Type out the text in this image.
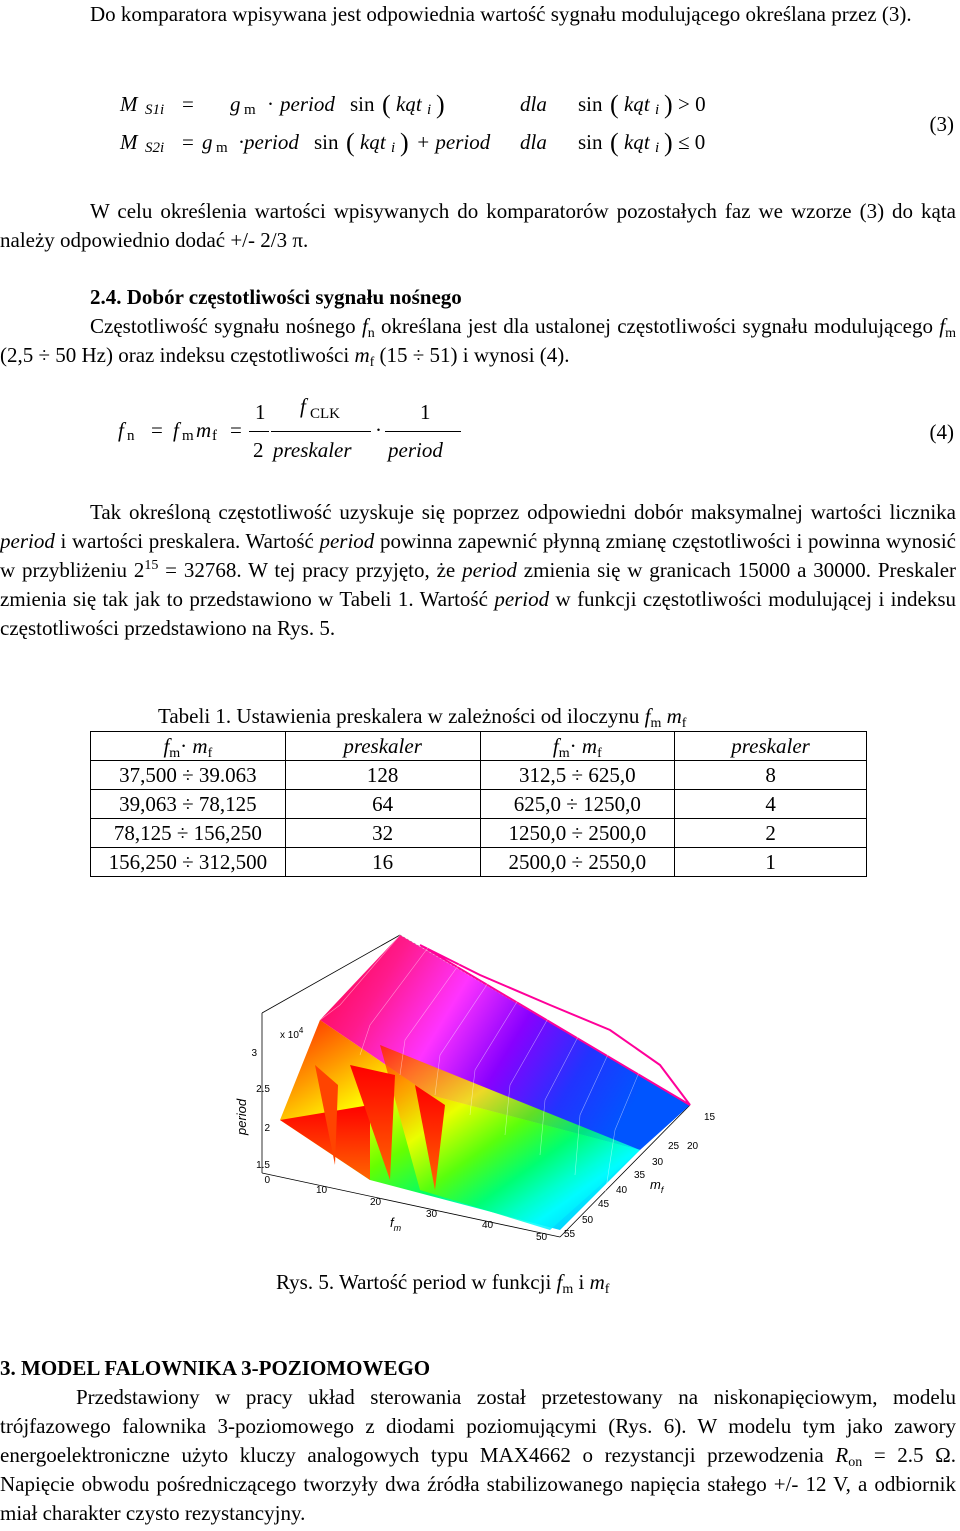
Do komparatora wpisywana jest odpowiednia wartość sygnału modulującego określana przez (3).
M S1i = g m · period sin ( kąt i )	dla sin ( kąt i ) > 0
M S2i = g m · period sin ( kąt i ) + period dla sin ( kąt i ) ≤ 0
(3)
W celu określenia wartości wpisywanych do komparatorów pozostałych faz we wzorze (3) do kąta należy odpowiednio dodać +/- 2/3 π.
2.4. Dobór częstotliwości sygnału nośnego
Częstotliwość sygnału nośnego $f_n$ określana jest dla ustalonej częstotliwości sygnału modulującego $f_m$ (2,5 ÷ 50 Hz) oraz indeksu częstotliwości $m_f$ (15 ÷ 51) i wynosi (4).
f n = f m m f =
1
2
f CLK
preskaler
·
1
period
(4)
Tak określoną częstotliwość uzyskuje się poprzez odpowiedni dobór maksymalnej wartości licznika period i wartości preskalera. Wartość period powinna zapewnić płynną zmianę częstotliwości i powinna wynosić w przybliżeniu $2^{15} = 32768$. W tej pracy przyjęto, że period zmienia się w granicach 15000 a 30000. Preskaler zmienia się tak jak to przedstawiono w Tabeli 1. Wartość period w funkcji częstotliwości modulującej i indeksu częstotliwości przedstawiono na Rys. 5.
Tabeli 1. Ustawienia preskalera w zależności od iloczynu $f_m$ $m_f$
$f_m\cdot m_f$	preskaler	$f_m\cdot m_f$	preskaler
37,500 ÷ 39.063	128	312,5 ÷ 625,0	8
39,063 ÷ 78,125	64	625,0 ÷ 1250,0	4
78,125 ÷ 156,250	32	1250,0 ÷ 2500,0	2
156,250 ÷ 312,500	16	2500,0 ÷ 2550,0	1
x $10^4$
period
3
2.5
2
1.5
0
10
20
30
40
50 55
$f_m$
15
20
25
30
35
40
45
50
$m_f$
Rys. 5. Wartość period w funkcji $f_m$ i $m_f$
3. MODEL FALOWNIKA 3-POZIOMOWEGO
Przedstawiony w pracy układ sterowania został przetestowany na niskonapięciowym, modelu trójfazowego falownika 3-poziomowego z diodami poziomującymi (Rys. 6). W modelu tym jako zawory energoelektroniczne użyto kluczy analogowych typu MAX4662 o rezystancji przewodzenia $R_{on} = 2.5$ Ω. Napięcie obwodu pośredniczącego tworzyły dwa źródła stabilizowanego napięcia stałego +/- 12 V, a odbiornik miał charakter czysto rezystancyjny.
